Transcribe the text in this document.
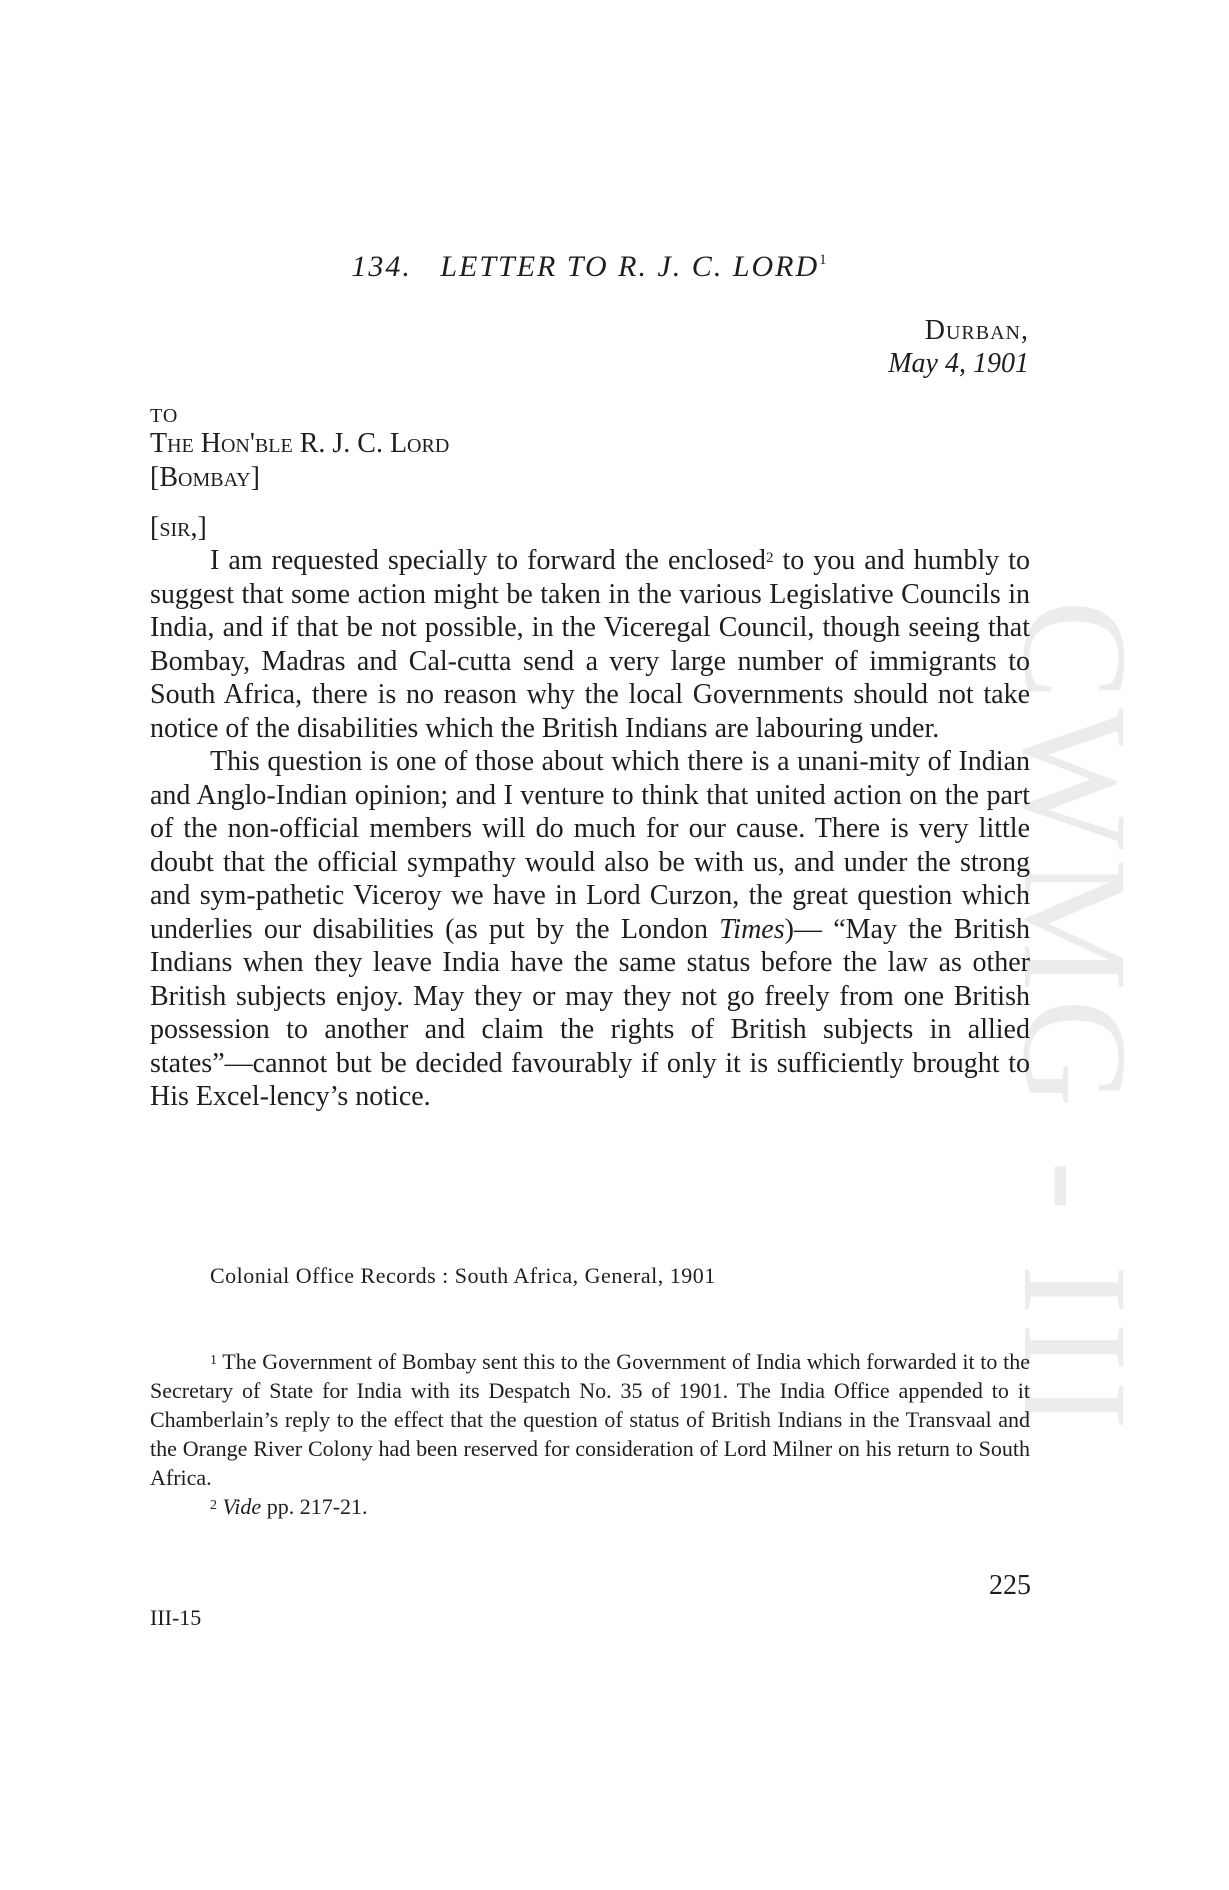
CWMG - III
134. LETTER TO R. J. C. LORD$^1$
Durban,
May 4, 1901
TO
The Hon'ble R. J. C. Lord
[Bombay]
[sir,]

I am requested specially to forward the enclosed$^2$ to you and humbly to suggest that some action might be taken in the various Legislative Councils in India, and if that be not possible, in the Viceregal Council, though seeing that Bombay, Madras and Cal-cutta send a very large number of immigrants to South Africa, there is no reason why the local Governments should not take notice of the disabilities which the British Indians are labouring under.

This question is one of those about which there is a unani-mity of Indian and Anglo-Indian opinion; and I venture to think that united action on the part of the non-official members will do much for our cause. There is very little doubt that the official sympathy would also be with us, and under the strong and sym-pathetic Viceroy we have in Lord Curzon, the great question which underlies our disabilities (as put by the London Times)— “May the British Indians when they leave India have the same status before the law as other British subjects enjoy. May they or may they not go freely from one British possession to another and claim the rights of British subjects in allied states”—cannot but be decided favourably if only it is sufficiently brought to His Excel-lency’s notice.

Colonial Office Records : South Africa, General, 1901

$^1$ The Government of Bombay sent this to the Government of India which forwarded it to the Secretary of State for India with its Despatch No. 35 of 1901. The India Office appended to it Chamberlain’s reply to the effect that the question of status of British Indians in the Transvaal and the Orange River Colony had been reserved for consideration of Lord Milner on his return to South Africa.

$^2$ Vide pp. 217-21.

225
III-15
